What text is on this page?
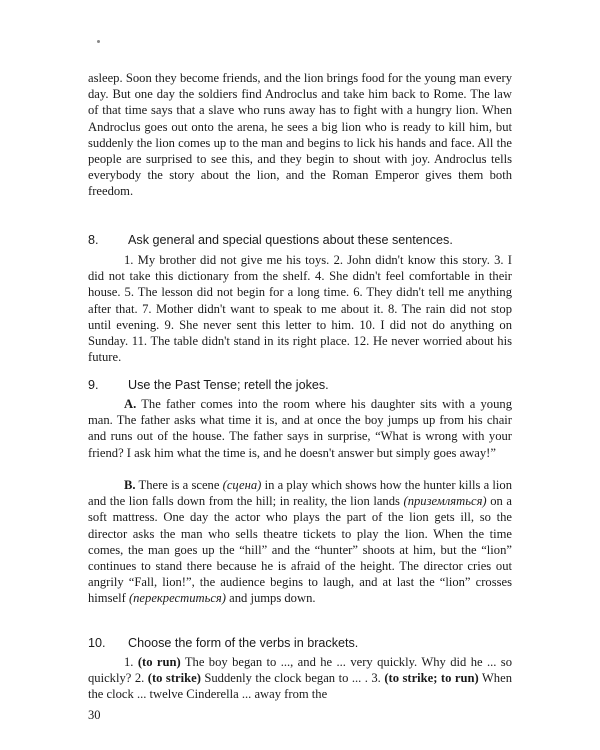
asleep. Soon they become friends, and the lion brings food for the young man every day. But one day the soldiers find Androclus and take him back to Rome. The law of that time says that a slave who runs away has to fight with a hungry lion. When Androclus goes out onto the arena, he sees a big lion who is ready to kill him, but suddenly the lion comes up to the man and begins to lick his hands and face. All the people are surprised to see this, and they begin to shout with joy. Androclus tells everybody the story about the lion, and the Roman Emperor gives them both freedom.

8. Ask general and special questions about these sentences.

1. My brother did not give me his toys. 2. John didn't know this story. 3. I did not take this dictionary from the shelf. 4. She didn't feel comfortable in their house. 5. The lesson did not begin for a long time. 6. They didn't tell me anything after that. 7. Mother didn't want to speak to me about it. 8. The rain did not stop until evening. 9. She never sent this letter to him. 10. I did not do anything on Sunday. 11. The table didn't stand in its right place. 12. He never worried about his future.

9. Use the Past Tense; retell the jokes.

A. The father comes into the room where his daughter sits with a young man. The father asks what time it is, and at once the boy jumps up from his chair and runs out of the house. The father says in surprise, “What is wrong with your friend? I ask him what the time is, and he doesn't answer but simply goes away!”

B. There is a scene (сцена) in a play which shows how the hunter kills a lion and the lion falls down from the hill; in reality, the lion lands (приземляться) on a soft mattress. One day the actor who plays the part of the lion gets ill, so the director asks the man who sells theatre tickets to play the lion. When the time comes, the man goes up the “hill” and the “hunter” shoots at him, but the “lion” continues to stand there because he is afraid of the height. The director cries out angrily “Fall, lion!”, the audience begins to laugh, and at last the “lion” crosses himself (перекреститься) and jumps down.

10. Choose the form of the verbs in brackets.

1. (to run) The boy began to ..., and he ... very quickly. Why did he ... so quickly? 2. (to strike) Suddenly the clock began to ... . 3. (to strike; to run) When the clock ... twelve Cinderella ... away from the

30
